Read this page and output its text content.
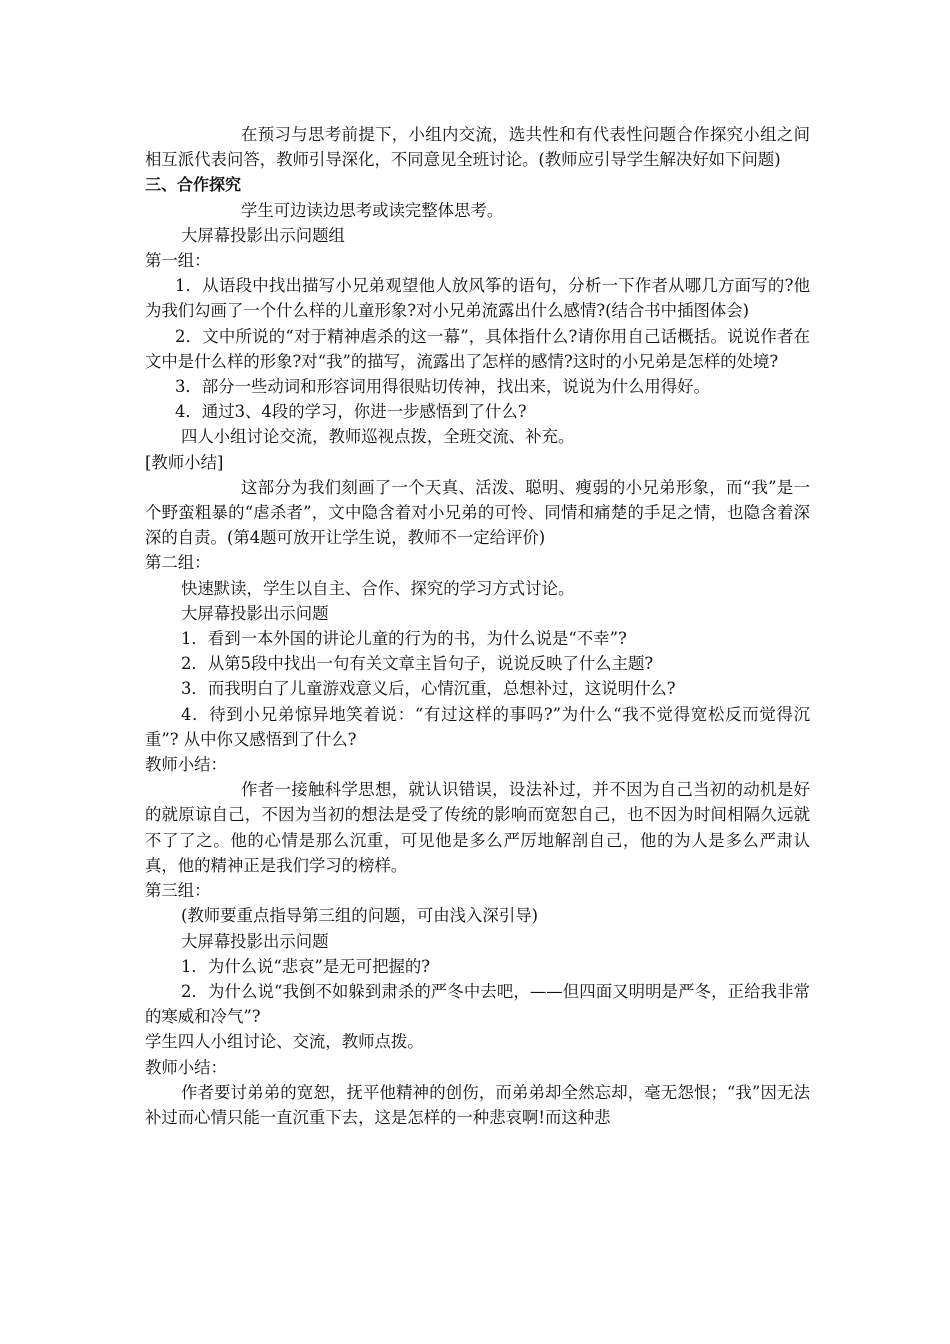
在预习与思考前提下，小组内交流，选共性和有代表性问题合作探究小组之间相互派代表问答，教师引导深化，不同意见全班讨论。(教师应引导学生解决好如下问题)

三、合作探究

学生可边读边思考或读完整体思考。

大屏幕投影出示问题组

第一组：

1．从语段中找出描写小兄弟观望他人放风筝的语句，分析一下作者从哪几方面写的?他为我们勾画了一个什么样的儿童形象?对小兄弟流露出什么感情?(结合书中插图体会)

2．文中所说的“对于精神虐杀的这一幕”，具体指什么?请你用自己话概括。说说作者在文中是什么样的形象?对“我”的描写，流露出了怎样的感情?这时的小兄弟是怎样的处境?

3．部分一些动词和形容词用得很贴切传神，找出来，说说为什么用得好。

4．通过3、4段的学习，你进一步感悟到了什么?

四人小组讨论交流，教师巡视点拨，全班交流、补充。

[教师小结]

这部分为我们刻画了一个天真、活泼、聪明、瘦弱的小兄弟形象，而“我”是一个野蛮粗暴的“虐杀者”，文中隐含着对小兄弟的可怜、同情和痛楚的手足之情，也隐含着深深的自责。(第4题可放开让学生说，教师不一定给评价)

第二组：

快速默读，学生以自主、合作、探究的学习方式讨论。

大屏幕投影出示问题

1．看到一本外国的讲论儿童的行为的书，为什么说是“不幸”?

2．从第5段中找出一句有关文章主旨句子，说说反映了什么主题?

3．而我明白了儿童游戏意义后，心情沉重，总想补过，这说明什么?

4．待到小兄弟惊异地笑着说：“有过这样的事吗?”为什么“我不觉得宽松反而觉得沉重”? 从中你又感悟到了什么?

教师小结：

作者一接触科学思想，就认识错误，设法补过，并不因为自己当初的动机是好的就原谅自己，不因为当初的想法是受了传统的影响而宽恕自己，也不因为时间相隔久远就不了了之。他的心情是那么沉重，可见他是多么严厉地解剖自己，他的为人是多么严肃认真，他的精神正是我们学习的榜样。

第三组：

(教师要重点指导第三组的问题，可由浅入深引导)

大屏幕投影出示问题

1．为什么说“悲哀”是无可把握的?

2．为什么说“我倒不如躲到肃杀的严冬中去吧，——但四面又明明是严冬，正给我非常的寒威和冷气”?

学生四人小组讨论、交流，教师点拨。

教师小结：

作者要讨弟弟的宽恕，抚平他精神的创伤，而弟弟却全然忘却，毫无怨恨；“我”因无法补过而心情只能一直沉重下去，这是怎样的一种悲哀啊!而这种悲
